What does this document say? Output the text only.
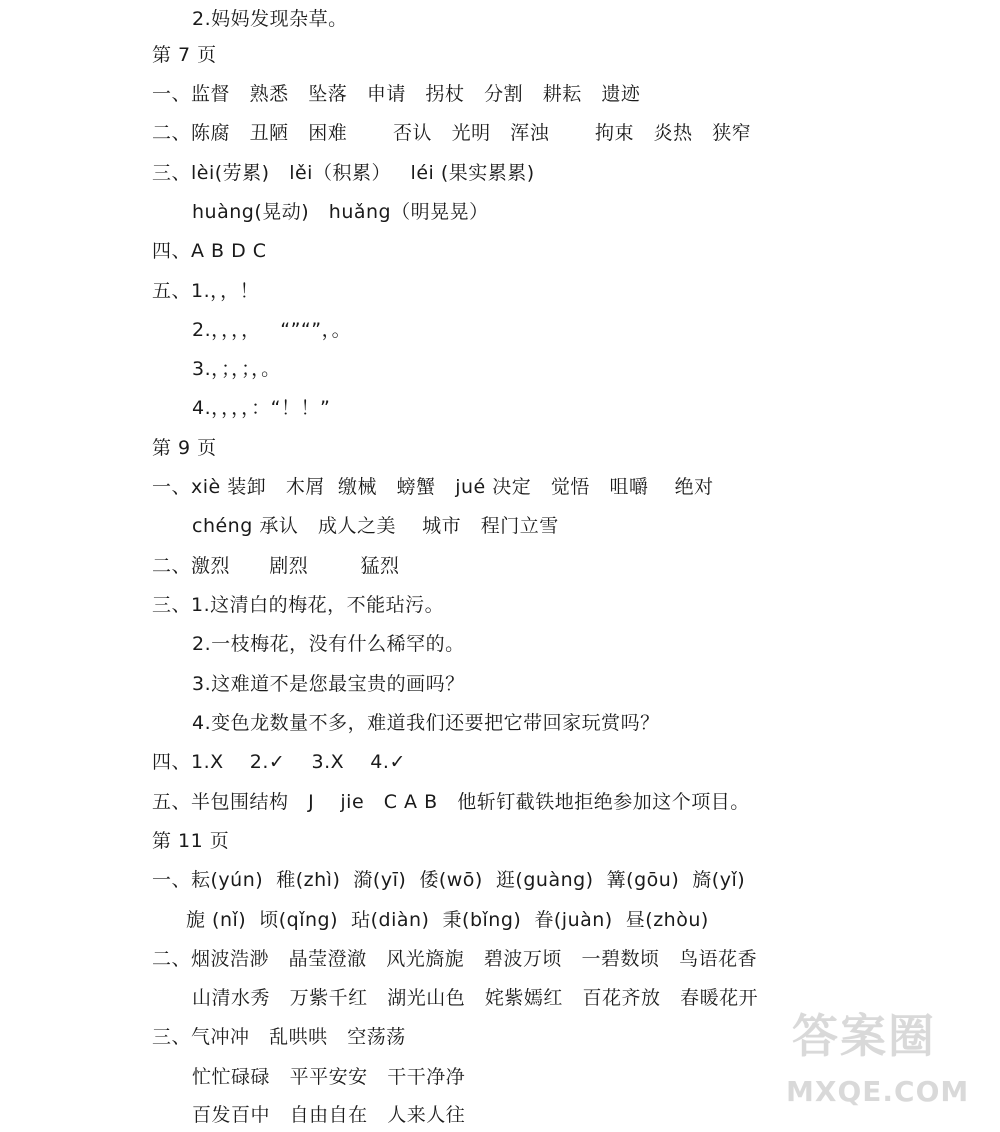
2.妈妈发现杂草。
第 7 页
一、监督   熟悉   坠落   申请   拐杖   分割   耕耘   遗迹
二、陈腐   丑陋   困难       否认   光明   浑浊       拘束   炎热   狭窄
三、lèi(劳累)   lěi（积累）   léi (果实累累)
huàng(晃动)   huǎng（明晃晃）
四、A B D C
五、1.，，！
2.，，，，   “”“”，。
3.，；，；，。
4.，，，，：“！！”
第 9 页
一、xiè 装卸   木屑  缴械   螃蟹   jué 决定   觉悟   咀嚼    绝对
chéng 承认   成人之美    城市   程门立雪
二、激烈      剧烈        猛烈
三、1.这清白的梅花，不能玷污。
2.一枝梅花，没有什么稀罕的。
3.这难道不是您最宝贵的画吗？
4.变色龙数量不多，难道我们还要把它带回家玩赏吗？
四、1.X    2.✓    3.X    4.✓
五、半包围结构   J    jie   C A B   他斩钉截铁地拒绝参加这个项目。
第 11 页
一、耘(yún)  稚(zhì)  漪(yī)  倭(wō)  逛(guàng)  篝(gōu)  旖(yǐ)
旎 (nǐ)  顷(qǐng)  玷(diàn)  秉(bǐng)  眷(juàn)  昼(zhòu)
二、烟波浩渺   晶莹澄澈   风光旖旎   碧波万顷   一碧数顷   鸟语花香
山清水秀   万紫千红   湖光山色   姹紫嫣红   百花齐放   春暖花开
三、气冲冲   乱哄哄   空荡荡
忙忙碌碌   平平安安   干干净净
百发百中   自由自在   人来人往
答案圈
MXQE.COM
